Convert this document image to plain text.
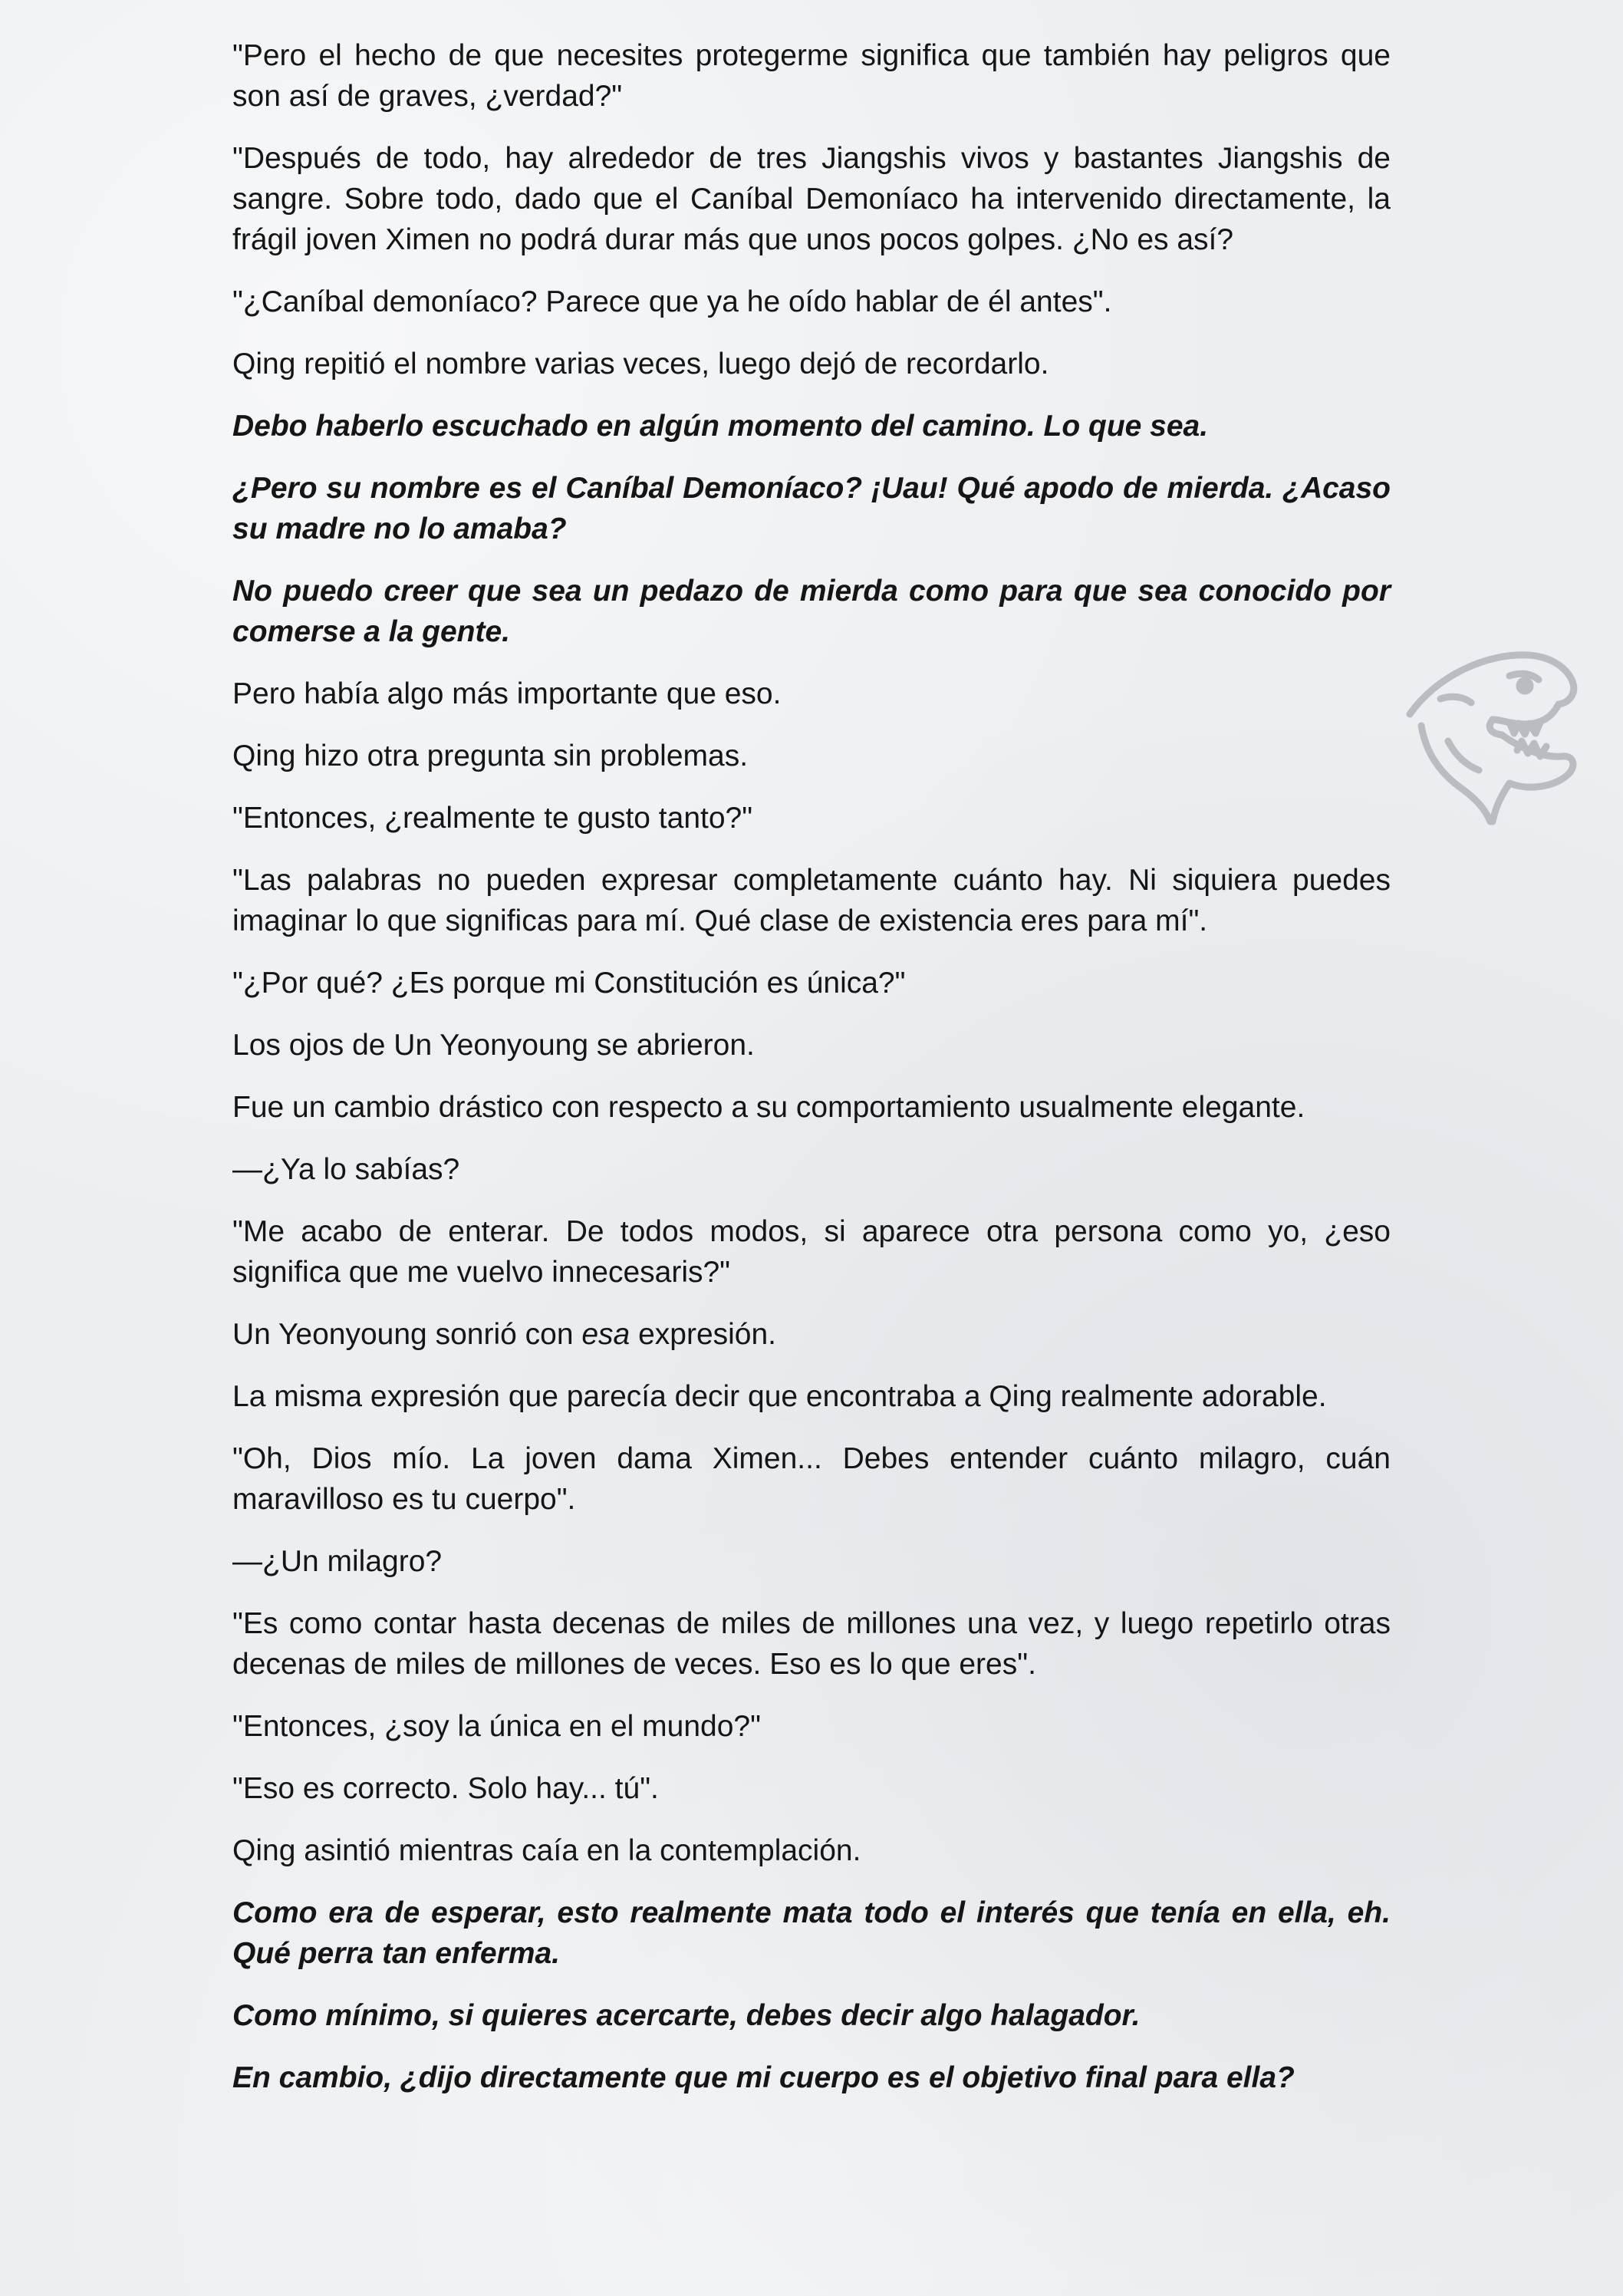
"Pero el hecho de que necesites protegerme significa que también hay peligros que son así de graves, ¿verdad?"

"Después de todo, hay alrededor de tres Jiangshis vivos y bastantes Jiangshis de sangre. Sobre todo, dado que el Caníbal Demoníaco ha intervenido directamente, la frágil joven Ximen no podrá durar más que unos pocos golpes. ¿No es así?

"¿Caníbal demoníaco? Parece que ya he oído hablar de él antes".

Qing repitió el nombre varias veces, luego dejó de recordarlo.

Debo haberlo escuchado en algún momento del camino. Lo que sea.

¿Pero su nombre es el Caníbal Demoníaco? ¡Uau! Qué apodo de mierda. ¿Acaso su madre no lo amaba?

No puedo creer que sea un pedazo de mierda como para que sea conocido por comerse a la gente.

Pero había algo más importante que eso.

Qing hizo otra pregunta sin problemas.

"Entonces, ¿realmente te gusto tanto?"

"Las palabras no pueden expresar completamente cuánto hay. Ni siquiera puedes imaginar lo que significas para mí. Qué clase de existencia eres para mí".

"¿Por qué? ¿Es porque mi Constitución es única?"

Los ojos de Un Yeonyoung se abrieron.

Fue un cambio drástico con respecto a su comportamiento usualmente elegante.

—¿Ya lo sabías?

"Me acabo de enterar. De todos modos, si aparece otra persona como yo, ¿eso significa que me vuelvo innecesaris?"

Un Yeonyoung sonrió con esa expresión.

La misma expresión que parecía decir que encontraba a Qing realmente adorable.

"Oh, Dios mío. La joven dama Ximen... Debes entender cuánto milagro, cuán maravilloso es tu cuerpo".

—¿Un milagro?

"Es como contar hasta decenas de miles de millones una vez, y luego repetirlo otras decenas de miles de millones de veces. Eso es lo que eres".

"Entonces, ¿soy la única en el mundo?"

"Eso es correcto. Solo hay... tú".

Qing asintió mientras caía en la contemplación.

Como era de esperar, esto realmente mata todo el interés que tenía en ella, eh. Qué perra tan enferma.

Como mínimo, si quieres acercarte, debes decir algo halagador.

En cambio, ¿dijo directamente que mi cuerpo es el objetivo final para ella?
